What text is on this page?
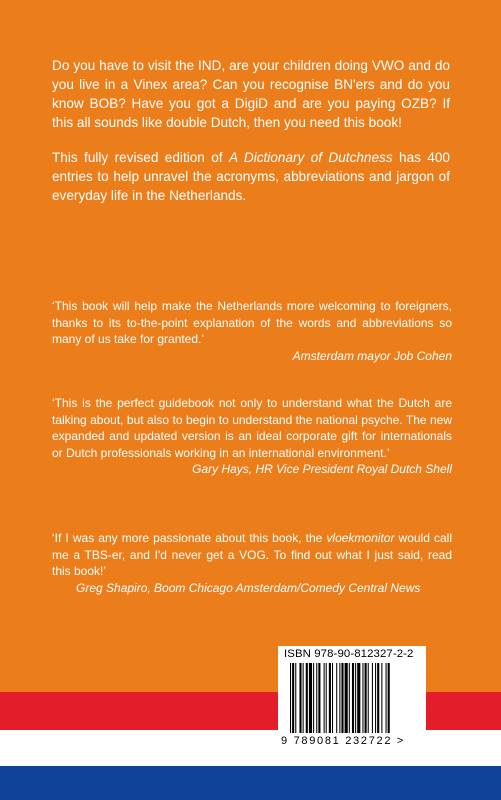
Do you have to visit the IND, are your children doing VWO and do you live in a Vinex area? Can you recognise BN'ers and do you know BOB? Have you got a DigiD and are you paying OZB? If this all sounds like double Dutch, then you need this book!

This fully revised edition of A Dictionary of Dutchness has 400 entries to help unravel the acronyms, abbreviations and jargon of everyday life in the Netherlands.

‘This book will help make the Netherlands more welcoming to foreigners, thanks to its to-the-point explanation of the words and abbreviations so many of us take for granted.’

Amsterdam mayor Job Cohen

‘This is the perfect guidebook not only to understand what the Dutch are talking about, but also to begin to understand the national psyche. The new expanded and updated version is an ideal corporate gift for internationals or Dutch professionals working in an international environment.’

Gary Hays, HR Vice President Royal Dutch Shell

‘If I was any more passionate about this book, the vloekmonitor would call me a TBS-er, and I'd never get a VOG. To find out what I just said, read this book!’

Greg Shapiro, Boom Chicago Amsterdam/Comedy Central News

ISBN 978-90-812327-2-2
9 789081 232722 >
